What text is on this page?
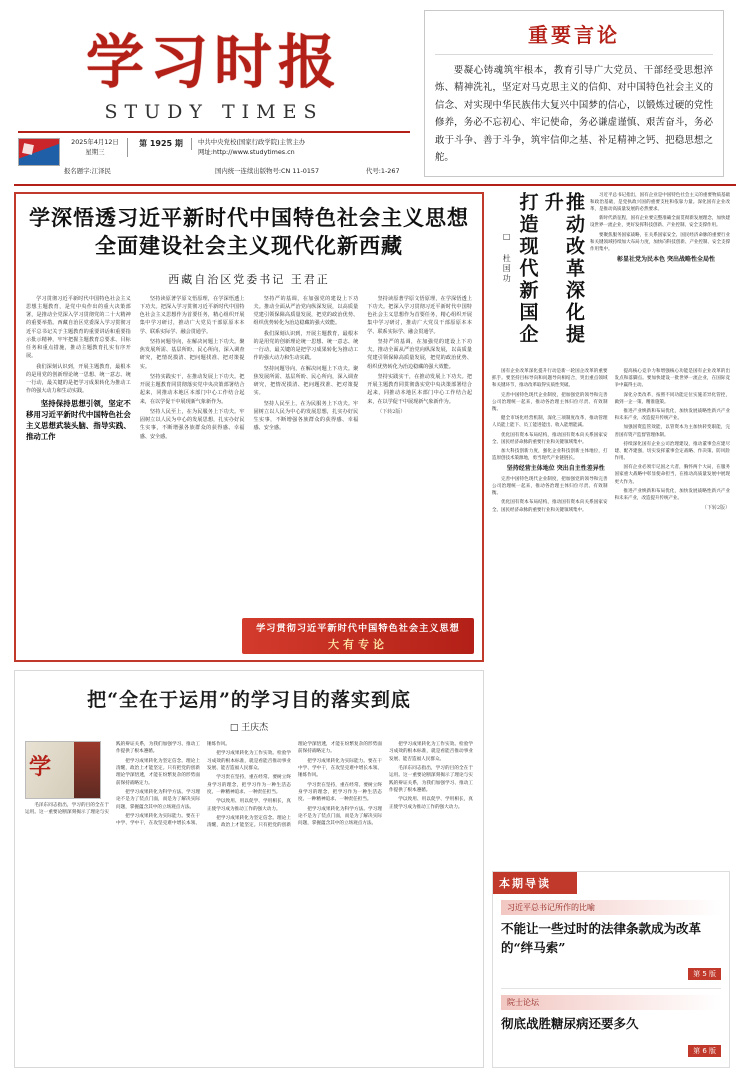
学习时报
STUDY TIMES
2025年4月12日
星期三
第 1925 期	中共中央党校(国家行政学院)主管主办
网址:http://www.studytimes.cn
报名题字:江泽民	国内统一连续出版物号:CN 11-0157	代号:1-267
重要言论
要凝心铸魂筑牢根本，教育引导广大党员、干部经受思想淬炼、精神洗礼，坚定对马克思主义的信仰、对中国特色社会主义的信念、对实现中华民族伟大复兴中国梦的信心，以锻炼过硬的党性修养，务必不忘初心、牢记使命，务必谦虚谨慎、艰苦奋斗，务必敢于斗争、善于斗争，筑牢信仰之基、补足精神之钙、把稳思想之舵。
学深悟透习近平新时代中国特色社会主义思想
全面建设社会主义现代化新西藏
西藏自治区党委书记 王君正

学习贯彻习近平新时代中国特色社会主义思想主题教育，是党中央作出的重大决策部署，是推动全党深入学习贯彻党的二十大精神的重要举措。西藏自治区党委深入学习贯彻习近平总书记关于主题教育的重要讲话和重要指示批示精神，牢牢把握主题教育总要求、目标任务和重点措施，推动主题教育扎实有序开展。

我们深刻认识到，开展主题教育，最根本的是用党的创新理论统一思想、统一意志、统一行动，最关键的是把学习成果转化为推动工作的强大动力和生动实践。

坚持保持思想引领，坚定不移用习近平新时代中国特色社会主义思想武装头脑、指导实践、推动工作

坚持读原著学原文悟原理，在学深悟透上下功夫。把深入学习贯彻习近平新时代中国特色社会主义思想作为首要任务，精心组织开展集中学习研讨，推动广大党员干部原原本本学、联系实际学、融会贯通学。

坚持问题导向，在解决问题上下功夫。聚焦发展所需、基层所盼、民心所向，深入调查研究，把情况摸清、把问题找准、把对策提实。

坚持实践实干，在推动发展上下功夫。把开展主题教育同贯彻落实党中央决策部署结合起来，同推动本地区本部门中心工作结合起来，在以学促干中展现新气象新作为。

坚持人民至上，在为民服务上下功夫。牢固树立以人民为中心的发展思想，扎实办好民生实事，不断增强各族群众的获得感、幸福感、安全感。

坚持严的基调，在加强党的建设上下功夫。推动全面从严治党向纵深发展，以高质量党建引领保障高质量发展，把党的政治优势、组织优势转化为治边稳藏的强大效能。

我们深刻认识到，开展主题教育，最根本的是用党的创新理论统一思想、统一意志、统一行动，最关键的是把学习成果转化为推动工作的强大动力和生动实践。

坚持问题导向，在解决问题上下功夫。聚焦发展所需、基层所盼、民心所向，深入调查研究，把情况摸清、把问题找准、把对策提实。

坚持人民至上，在为民服务上下功夫。牢固树立以人民为中心的发展思想，扎实办好民生实事，不断增强各族群众的获得感、幸福感、安全感。

坚持读原著学原文悟原理，在学深悟透上下功夫。把深入学习贯彻习近平新时代中国特色社会主义思想作为首要任务，精心组织开展集中学习研讨，推动广大党员干部原原本本学、联系实际学、融会贯通学。

坚持严的基调，在加强党的建设上下功夫。推动全面从严治党向纵深发展，以高质量党建引领保障高质量发展，把党的政治优势、组织优势转化为治边稳藏的强大效能。

坚持实践实干，在推动发展上下功夫。把开展主题教育同贯彻落实党中央决策部署结合起来，同推动本地区本部门中心工作结合起来，在以学促干中展现新气象新作为。

（下转2版）

学习贯彻习近平新时代中国特色社会主义思想
大有专论
把“全在于运用”的学习目的落实到底
□ 王庆杰
学

毛泽东同志指出，学习的目的全在于运用。这一重要论断深刻揭示了理论与实践的辩证关系，为我们加强学习、推动工作提供了根本遵循。

把学习成果转化为坚定信念。理论上清醒，政治上才能坚定。只有把党的创新理论学深悟透，才能在纷繁复杂的形势面前保持战略定力。

把学习成果转化为科学方法。学习理论不是为了装点门面，而是为了解决实际问题，掌握蕴含其中的立场观点方法。

把学习成果转化为实际能力。要在干中学、学中干，在攻坚克难中增长本领、锤炼作风。

把学习成果转化为工作实效。检验学习成效的根本标准，就是看能否推动事业发展、能否造福人民群众。

学习贵在坚持，重在经常。要树立终身学习的理念，把学习作为一种生活态度、一种精神追求、一种责任担当。

学以致用、用以促学、学用相长，真正使学习成为推动工作的强大动力。

把学习成果转化为坚定信念。理论上清醒，政治上才能坚定。只有把党的创新理论学深悟透，才能在纷繁复杂的形势面前保持战略定力。

把学习成果转化为实际能力。要在干中学、学中干，在攻坚克难中增长本领、锤炼作风。

学习贵在坚持，重在经常。要树立终身学习的理念，把学习作为一种生活态度、一种精神追求、一种责任担当。

把学习成果转化为科学方法。学习理论不是为了装点门面，而是为了解决实际问题，掌握蕴含其中的立场观点方法。

把学习成果转化为工作实效。检验学习成效的根本标准，就是看能否推动事业发展、能否造福人民群众。

毛泽东同志指出，学习的目的全在于运用。这一重要论断深刻揭示了理论与实践的辩证关系，为我们加强学习、推动工作提供了根本遵循。

学以致用、用以促学、学用相长，真正使学习成为推动工作的强大动力。

推动改革深化提升
打造现代新国企
□ 杜国功

习近平总书记指出，国有企业是中国特色社会主义的重要物质基础和政治基础，是党执政兴国的重要支柱和依靠力量。深化国有企业改革，是推动高质量发展的必然要求。

新时代新征程，国有企业要完整准确全面贯彻新发展理念，加快建设世界一流企业，更好发挥科技创新、产业控制、安全支撑作用。

要聚焦服务国家战略，在关系国家安全、国民经济命脉的重要行业和关键领域持续加大布局力度，加快向科技创新、产业控制、安全支撑作用集中。

彰显社党为民本色 突出战略性全局性

国有企业改革深化提升行动是新一轮国企改革的重要抓手。要坚持目标导向和问题导向相结合，突出重点领域和关键环节，推动改革取得实质性突破。

完善中国特色现代企业制度，把加强党的领导和完善公司治理统一起来，推动各治理主体归位尽责、有效制衡。

健全市场化经营机制，深化三项制度改革，推动管理人员能上能下、员工能进能出、收入能增能减。

优化国有资本布局结构，推动国有资本向关系国家安全、国民经济命脉的重要行业和关键领域集中。

加大科技创新力度，强化企业科技创新主体地位，打造原创技术策源地，勇当现代产业链链长。

坚持经营主体地位 突出自主性差异性

完善中国特色现代企业制度，把加强党的领导和完善公司治理统一起来，推动各治理主体归位尽责、有效制衡。

优化国有资本布局结构，推动国有资本向关系国家安全、国民经济命脉的重要行业和关键领域集中。

提高核心竞争力和增强核心功能是国有企业改革的出发点和落脚点。要加快建设一批世界一流企业，在国际竞争中赢得主动。

深化分类改革，按照不同功能定位实施差异化管控，做到一企一策、精准施策。

推进产业焕新和布局优化，加快发展战略性新兴产业和未来产业，改造提升传统产业。

加强国资监管效能，以管资本为主加快转变职能，完善国有资产监督管理体制。

持续深化国有企业公司治理建设，推动董事会应建尽建、配齐建强，切实发挥董事会定战略、作决策、防风险作用。

国有企业必须牢记国之大者，胸怀两个大局，在服务国家重大战略中彰显使命担当，在推动高质量发展中展现更大作为。

推进产业焕新和布局优化，加快发展战略性新兴产业和未来产业，改造提升传统产业。

（下转2版）

本期导读
习近平总书记所作的比喻
不能让一些过时的法律条款成为改革的“绊马索”
第 5 版
院士论坛
彻底战胜糖尿病还要多久
第 6 版
